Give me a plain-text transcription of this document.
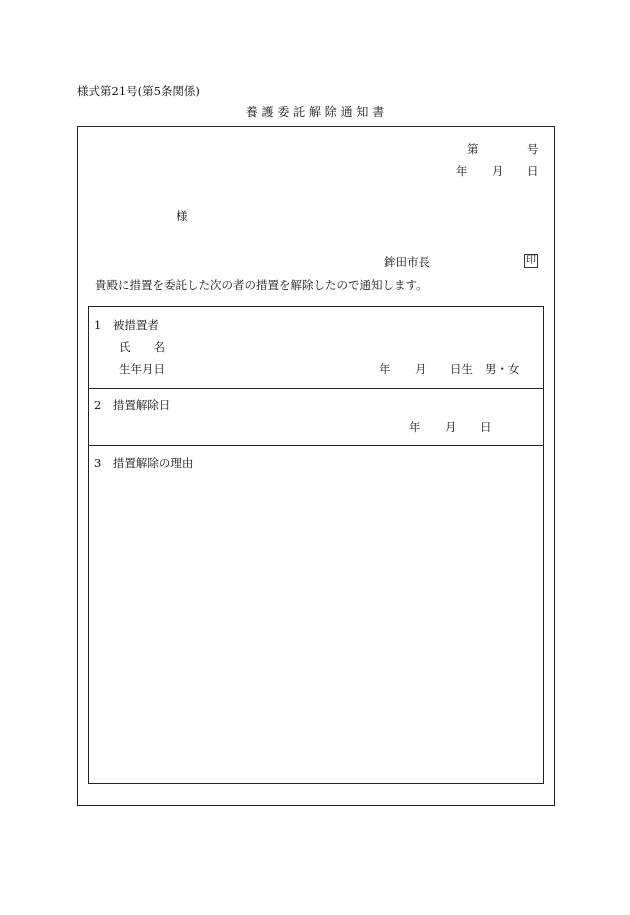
様式第21号(第5条関係)
養 護 委 託 解 除 通 知 書
第	号
年 月 日
様
鉾田市長	印
貴殿に措置を委託した次の者の措置を解除したので通知します。
1　被措置者
氏　　名
生年月日	年 月 日生 男・女
2　措置解除日
年 月 日
3　措置解除の理由
